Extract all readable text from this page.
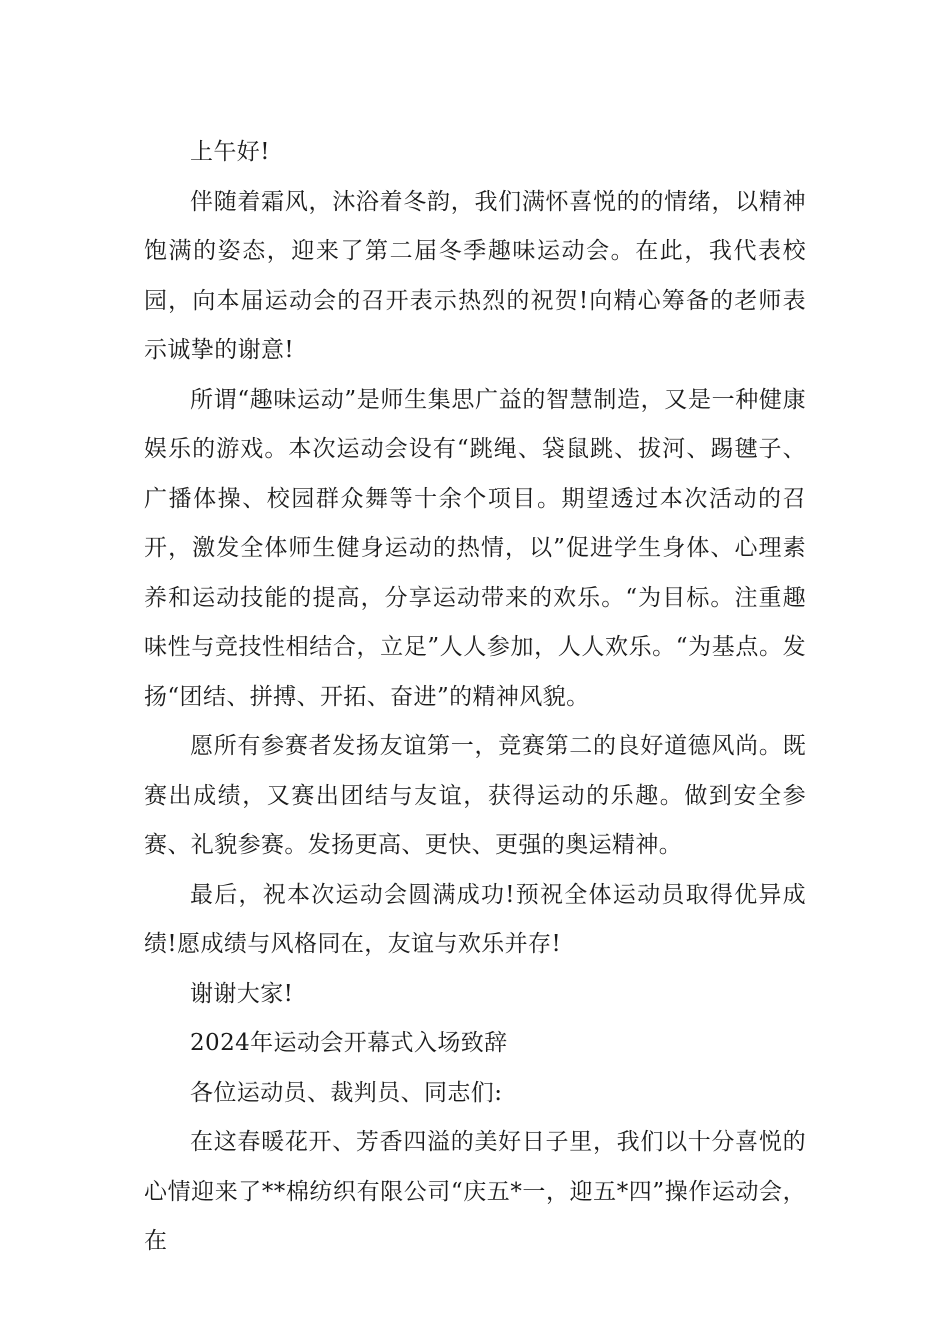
上午好!

伴随着霜风，沐浴着冬韵，我们满怀喜悦的的情绪，以精神饱满的姿态，迎来了第二届冬季趣味运动会。在此，我代表校园，向本届运动会的召开表示热烈的祝贺!向精心筹备的老师表示诚挚的谢意!

所谓“趣味运动”是师生集思广益的智慧制造，又是一种健康娱乐的游戏。本次运动会设有“跳绳、袋鼠跳、拔河、踢毽子、广播体操、校园群众舞等十余个项目。期望透过本次活动的召开，激发全体师生健身运动的热情，以”促进学生身体、心理素养和运动技能的提高，分享运动带来的欢乐。“为目标。注重趣味性与竞技性相结合，立足”人人参加，人人欢乐。“为基点。发扬“团结、拼搏、开拓、奋进”的精神风貌。

愿所有参赛者发扬友谊第一，竞赛第二的良好道德风尚。既赛出成绩，又赛出团结与友谊，获得运动的乐趣。做到安全参赛、礼貌参赛。发扬更高、更快、更强的奥运精神。

最后，祝本次运动会圆满成功!预祝全体运动员取得优异成绩!愿成绩与风格同在，友谊与欢乐并存!

谢谢大家!

2024年运动会开幕式入场致辞

各位运动员、裁判员、同志们:

在这春暖花开、芳香四溢的美好日子里，我们以十分喜悦的心情迎来了**棉纺织有限公司“庆五*一，迎五*四”操作运动会，在
